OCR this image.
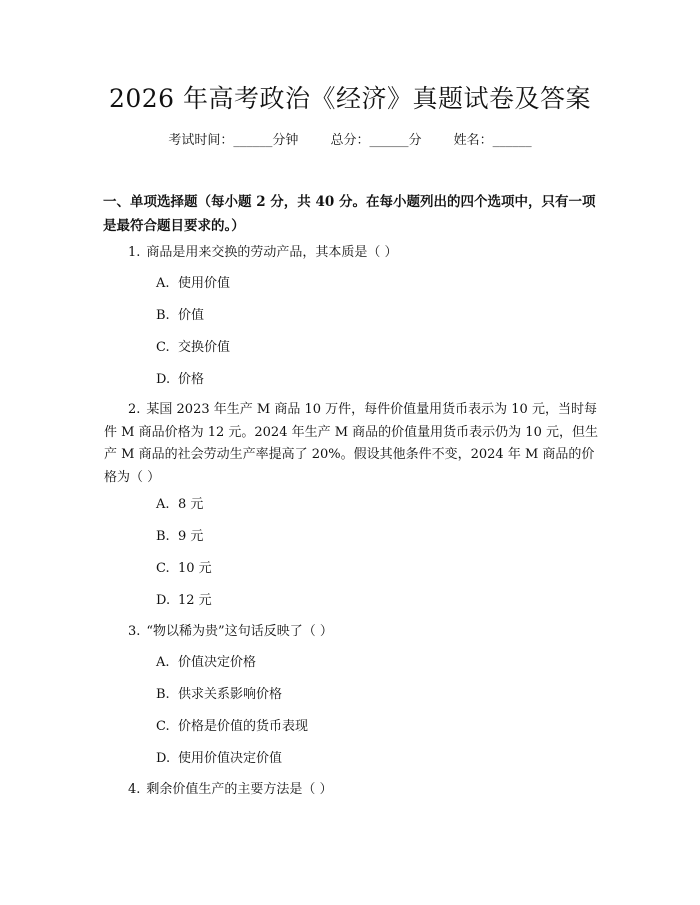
2026 年高考政治《经济》真题试卷及答案
考试时间：______分钟 总分：______分 姓名：______
一、单项选择题（每小题 2 分，共 40 分。在每小题列出的四个选项中，只有一项是最符合题目要求的。）
1. 商品是用来交换的劳动产品，其本质是（ ）
A. 使用价值
B. 价值
C. 交换价值
D. 价格
2. 某国 2023 年生产 M 商品 10 万件，每件价值量用货币表示为 10 元，当时每件 M 商品价格为 12 元。2024 年生产 M 商品的价值量用货币表示仍为 10 元，但生产 M 商品的社会劳动生产率提高了 20%。假设其他条件不变，2024 年 M 商品的价格为（ ）
A. 8 元
B. 9 元
C. 10 元
D. 12 元
3. “物以稀为贵”这句话反映了（ ）
A. 价值决定价格
B. 供求关系影响价格
C. 价格是价值的货币表现
D. 使用价值决定价值
4. 剩余价值生产的主要方法是（ ）
